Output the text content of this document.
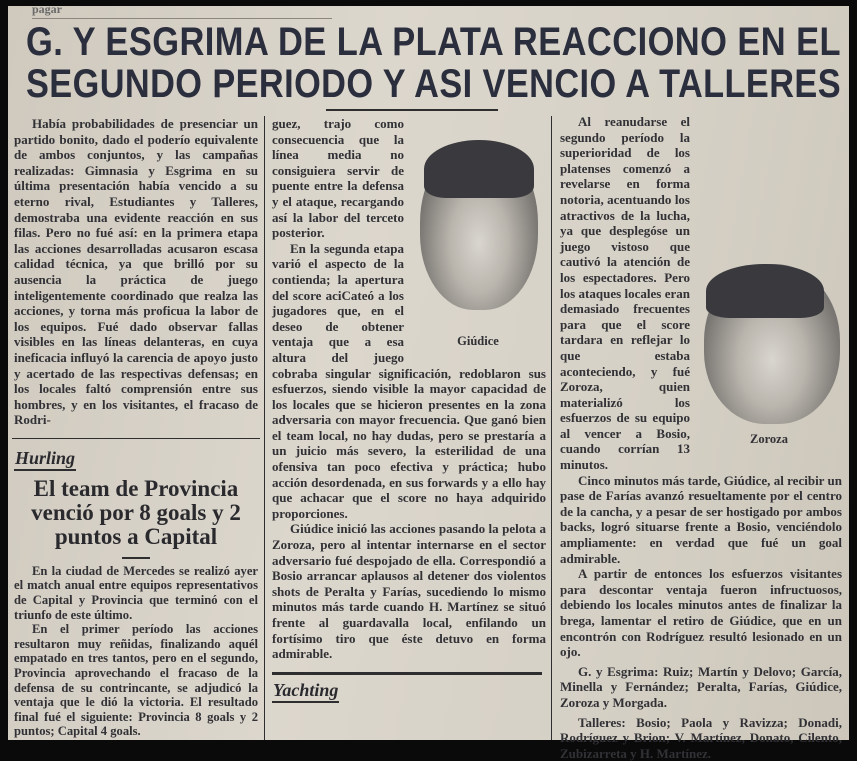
pagar
G. Y ESGRIMA DE LA PLATA REACCIONO EN EL
SEGUNDO PERIODO Y ASI VENCIO A TALLERES

Había probabilidades de presenciar un partido bonito, dado el poderío equivalente de ambos conjuntos, y las campañas realizadas: Gimnasia y Esgrima en su última presentación había vencido a su eterno rival, Estudiantes y Talleres, demostraba una evidente reacción en sus filas. Pero no fué así: en la primera etapa las acciones desarrolladas acusaron escasa calidad técnica, ya que brilló por su ausencia la práctica de juego inteligentemente coordinado que realza las acciones, y torna más proficua la labor de los equipos. Fué dado observar fallas visibles en las líneas delanteras, en cuya ineficacia influyó la carencia de apoyo justo y acertado de las respectivas defensas; en los locales faltó comprensión entre sus hombres, y en los visitantes, el fracaso de Rodri-

Hurling
El team de Provincia
venció por 8 goals y 2
puntos a Capital

En la ciudad de Mercedes se realizó ayer el match anual entre equipos representativos de Capital y Provincia que terminó con el triunfo de este último.

En el primer período las acciones resultaron muy reñidas, finalizando aquél empatado en tres tantos, pero en el segundo, Provincia aprovechando el fracaso de la defensa de su contrincante, se adjudicó la ventaja que le dió la victoria. El resultado final fué el siguiente: Provincia 8 goals y 2 puntos; Capital 4 goals.

Giúdice

guez, trajo como consecuencia que la línea media no consiguiera servir de puente entre la defensa y el ataque, recargando así la labor del terceto posterior.

En la segunda etapa varió el aspecto de la contienda; la apertura del score aciCateó a los jugadores que, en el deseo de obtener ventaja que a esa altura del juego cobraba singular significación, redoblaron sus esfuerzos, siendo visible la mayor capacidad de los locales que se hicieron presentes en la zona adversaria con mayor frecuencia. Que ganó bien el team local, no hay dudas, pero se prestaría a un juicio más severo, la esterilidad de una ofensiva tan poco efectiva y práctica; hubo acción desordenada, en sus forwards y a ello hay que achacar que el score no haya adquirido proporciones.

Giúdice inició las acciones pasando la pelota a Zoroza, pero al intentar internarse en el sector adversario fué despojado de ella. Correspondió a Bosio arrancar aplausos al detener dos violentos shots de Peralta y Farías, sucediendo lo mismo minutos más tarde cuando H. Martínez se situó frente al guardavalla local, enfilando un fortísimo tiro que éste detuvo en forma admirable.

Yachting
Zoroza

Al reanudarse el segundo período la superioridad de los platenses comenzó a revelarse en forma notoria, acentuando los atractivos de la lucha, ya que desplegóse un juego vistoso que cautivó la atención de los espectadores. Pero los ataques locales eran demasiado frecuentes para que el score tardara en reflejar lo que estaba aconteciendo, y fué Zoroza, quien materializó los esfuerzos de su equipo al vencer a Bosio, cuando corrían 13 minutos.

Cinco minutos más tarde, Giúdice, al recibir un pase de Farías avanzó resueltamente por el centro de la cancha, y a pesar de ser hostigado por ambos backs, logró situarse frente a Bosio, venciéndolo ampliamente: en verdad que fué un goal admirable.

A partir de entonces los esfuerzos visitantes para descontar ventaja fueron infructuosos, debiendo los locales minutos antes de finalizar la brega, lamentar el retiro de Giúdice, que en un encontrón con Rodríguez resultó lesionado en un ojo.

G. y Esgrima: Ruiz; Martín y Delovo; García, Minella y Fernández; Peralta, Farías, Giúdice, Zoroza y Morgada.

Talleres: Bosio; Paola y Ravizza; Donadi, Rodríguez y Brion; V. Martínez, Donato, Cilento, Zubizarreta y H. Martínez.
